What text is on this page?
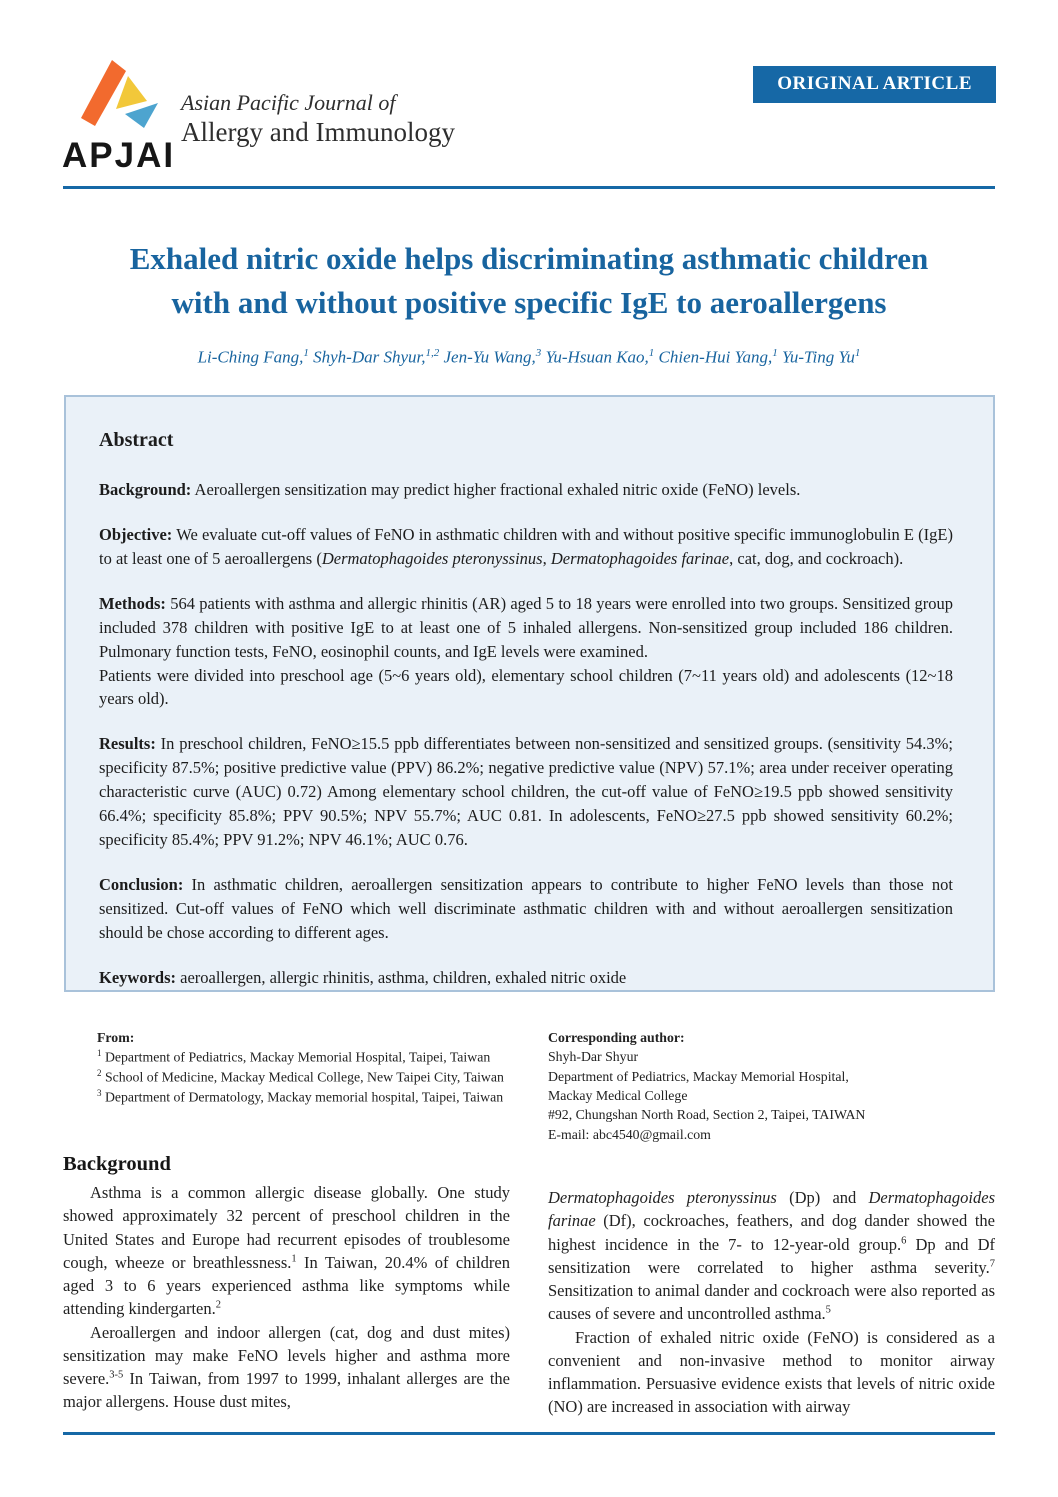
APJAI
Asian Pacific Journal of
Allergy and Immunology
ORIGINAL ARTICLE
Exhaled nitric oxide helps discriminating asthmatic children
with and without positive specific IgE to aeroallergens
Li-Ching Fang,$^1$ Shyh-Dar Shyur,$^{1,2}$ Jen-Yu Wang,$^3$ Yu-Hsuan Kao,$^1$ Chien-Hui Yang,$^1$ Yu-Ting Yu$^1$
Abstract

Background: Aeroallergen sensitization may predict higher fractional exhaled nitric oxide (FeNO) levels.

Objective: We evaluate cut-off values of FeNO in asthmatic children with and without positive specific immunoglobulin E (IgE) to at least one of 5 aeroallergens (Dermatophagoides pteronyssinus, Dermatophagoides farinae, cat, dog, and cockroach).

Methods: 564 patients with asthma and allergic rhinitis (AR) aged 5 to 18 years were enrolled into two groups. Sensitized group included 378 children with positive IgE to at least one of 5 inhaled allergens. Non-sensitized group included 186 children. Pulmonary function tests, FeNO, eosinophil counts, and IgE levels were examined.
Patients were divided into preschool age (5~6 years old), elementary school children (7~11 years old) and adolescents (12~18 years old).

Results: In preschool children, FeNO≥15.5 ppb differentiates between non-sensitized and sensitized groups. (sensitivity 54.3%; specificity 87.5%; positive predictive value (PPV) 86.2%; negative predictive value (NPV) 57.1%; area under receiver operating characteristic curve (AUC) 0.72) Among elementary school children, the cut-off value of FeNO≥19.5 ppb showed sensitivity 66.4%; specificity 85.8%; PPV 90.5%; NPV 55.7%; AUC 0.81. In adolescents, FeNO≥27.5 ppb showed sensitivity 60.2%; specificity 85.4%; PPV 91.2%; NPV 46.1%; AUC 0.76.

Conclusion: In asthmatic children, aeroallergen sensitization appears to contribute to higher FeNO levels than those not sensitized. Cut-off values of FeNO which well discriminate asthmatic children with and without aeroallergen sensitization should be chose according to different ages.

Keywords: aeroallergen, allergic rhinitis, asthma, children, exhaled nitric oxide

From:
$^1$ Department of Pediatrics, Mackay Memorial Hospital, Taipei, Taiwan
$^2$ School of Medicine, Mackay Medical College, New Taipei City, Taiwan
$^3$ Department of Dermatology, Mackay memorial hospital, Taipei, Taiwan
Corresponding author:
Shyh-Dar Shyur
Department of Pediatrics, Mackay Memorial Hospital,
Mackay Medical College
#92, Chungshan North Road, Section 2, Taipei, TAIWAN
E-mail: abc4540@gmail.com
Background

Asthma is a common allergic disease globally. One study showed approximately 32 percent of preschool children in the United States and Europe had recurrent episodes of troublesome cough, wheeze or breathlessness.$^1$ In Taiwan, 20.4% of children aged 3 to 6 years experienced asthma like symptoms while attending kindergarten.$^2$

Aeroallergen and indoor allergen (cat, dog and dust mites) sensitization may make FeNO levels higher and asthma more severe.$^{3-5}$ In Taiwan, from 1997 to 1999, inhalant allerges are the major allergens. House dust mites,

Dermatophagoides pteronyssinus (Dp) and Dermatophagoides farinae (Df), cockroaches, feathers, and dog dander showed the highest incidence in the 7- to 12-year-old group.$^6$ Dp and Df sensitization were correlated to higher asthma severity.$^7$ Sensitization to animal dander and cockroach were also reported as causes of severe and uncontrolled asthma.$^5$

Fraction of exhaled nitric oxide (FeNO) is considered as a convenient and non-invasive method to monitor airway inflammation. Persuasive evidence exists that levels of nitric oxide (NO) are increased in association with airway
